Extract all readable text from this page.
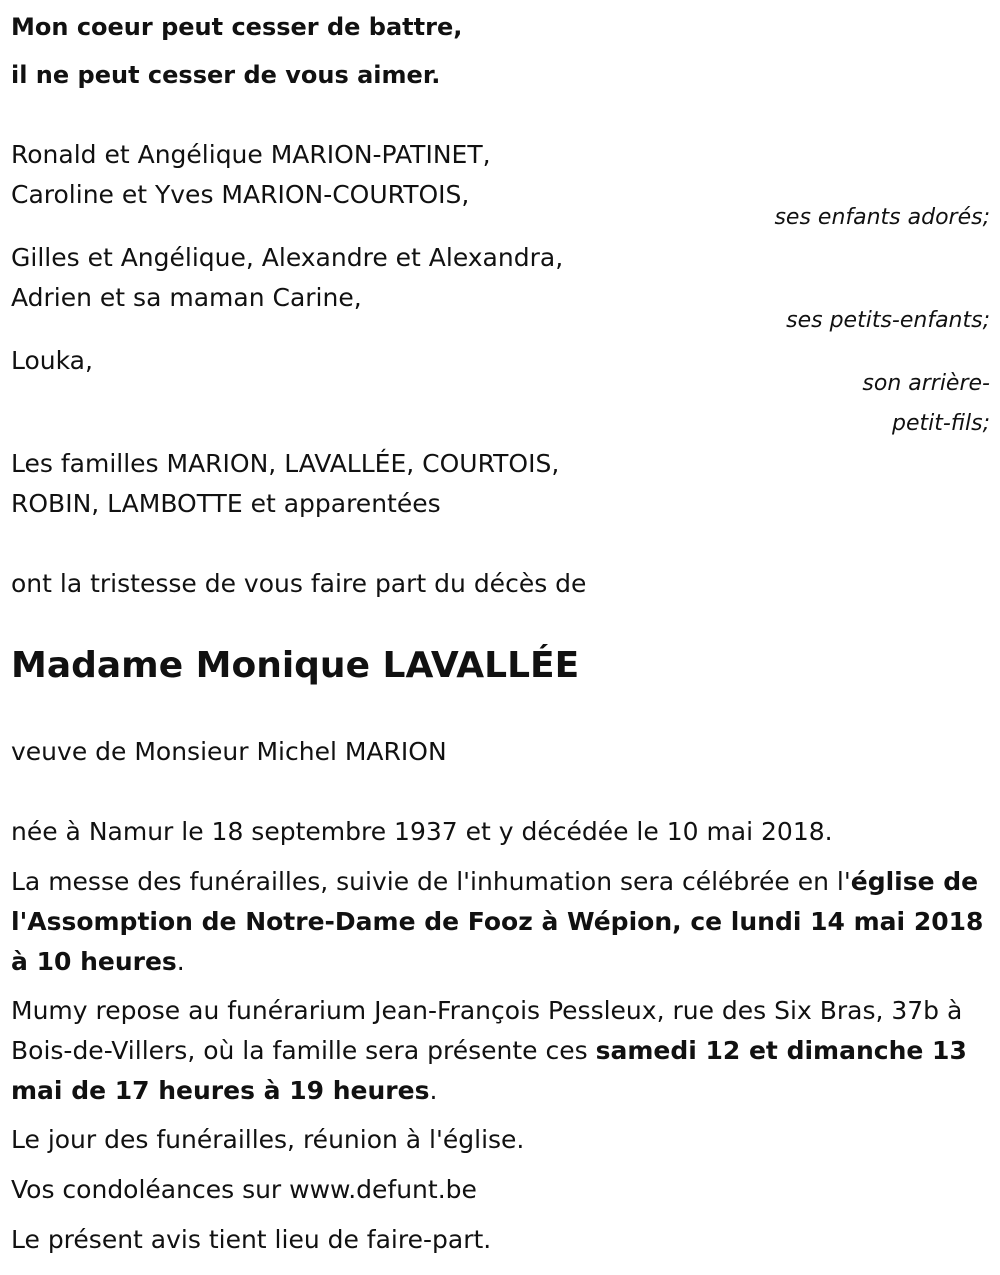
Mon coeur peut cesser de battre,

il ne peut cesser de vous aimer.

Ronald et Angélique MARION-PATINET,

Caroline et Yves MARION-COURTOIS,

ses enfants adorés;

Gilles et Angélique, Alexandre et Alexandra,

Adrien et sa maman Carine,

ses petits-enfants;

Louka,

son arrière-

petit-fils;

Les familles MARION, LAVALLÉE, COURTOIS,

ROBIN, LAMBOTTE et apparentées

ont la tristesse de vous faire part du décès de

Madame Monique LAVALLÉE

veuve de Monsieur Michel MARION

née à Namur le 18 septembre 1937 et y décédée le 10 mai 2018.

La messe des funérailles, suivie de l'inhumation sera célébrée en l'église de l'Assomption de Notre-Dame de Fooz à Wépion, ce lundi 14 mai 2018 à 10 heures.

Mumy repose au funérarium Jean-François Pessleux, rue des Six Bras, 37b à Bois-de-Villers, où la famille sera présente ces samedi 12 et dimanche 13 mai de 17 heures à 19 heures.

Le jour des funérailles, réunion à l'église.

Vos condoléances sur www.defunt.be

Le présent avis tient lieu de faire-part.
